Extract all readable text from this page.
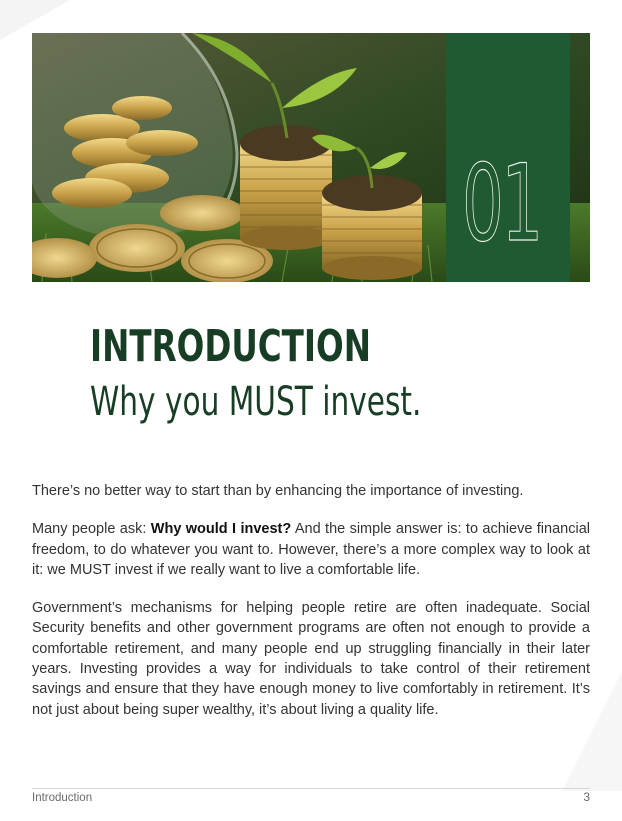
01
INTRODUCTION
Why you MUST invest.

There’s no better way to start than by enhancing the importance of investing.

Many people ask: Why would I invest? And the simple answer is: to achieve financial freedom, to do whatever you want to. However, there’s a more complex way to look at it: we MUST invest if we really want to live a comfortable life.

Government’s mechanisms for helping people retire are often inadequate. Social Security benefits and other government programs are often not enough to provide a comfortable retirement, and many people end up struggling financially in their later years. Investing provides a way for individuals to take control of their retirement savings and ensure that they have enough money to live comfortably in retirement. It’s not just about being super wealthy, it’s about living a quality life.

Introduction	3
